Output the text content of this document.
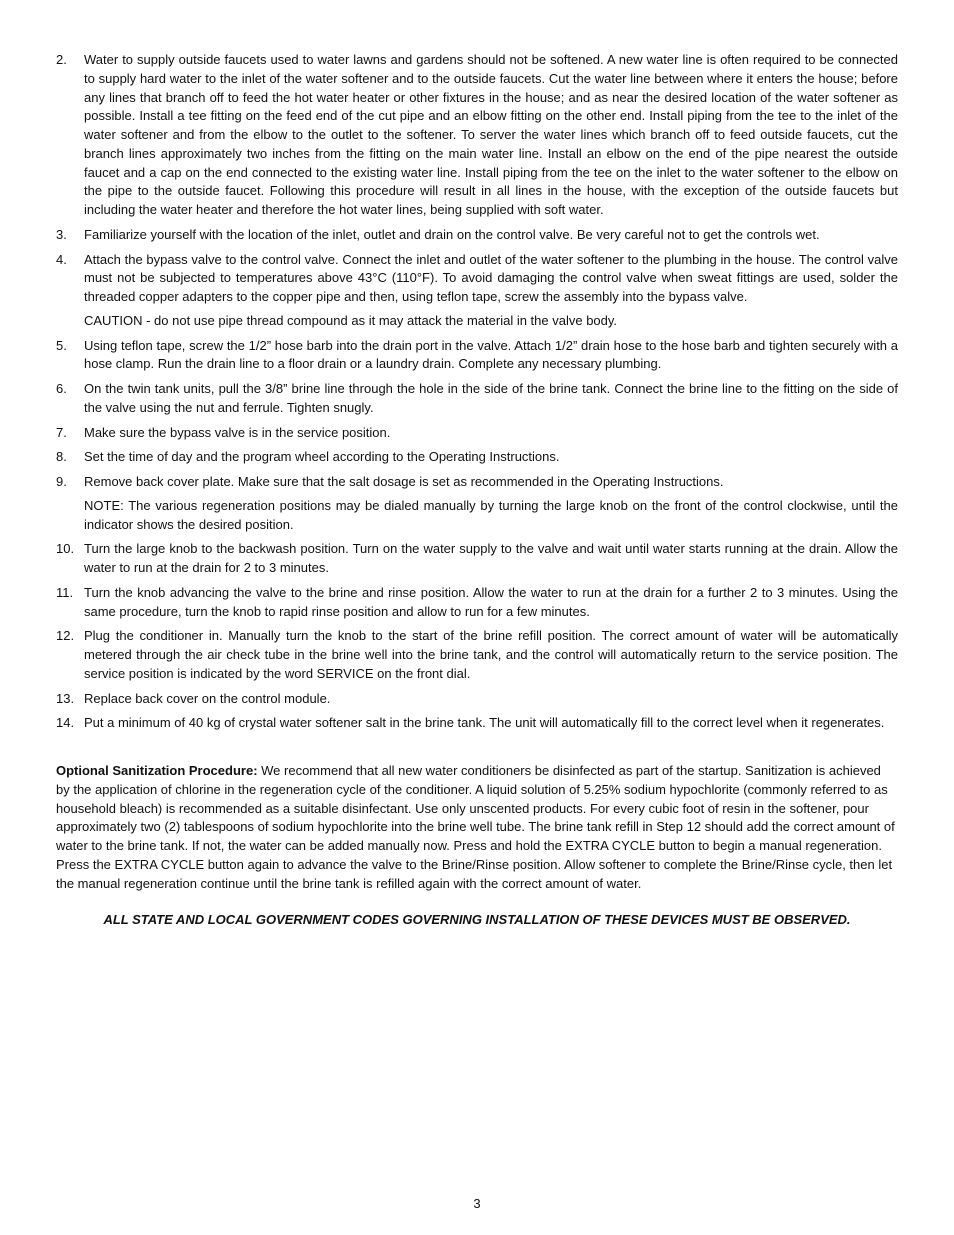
2. Water to supply outside faucets used to water lawns and gardens should not be softened. A new water line is often required to be connected to supply hard water to the inlet of the water softener and to the outside faucets. Cut the water line between where it enters the house; before any lines that branch off to feed the hot water heater or other fixtures in the house; and as near the desired location of the water softener as possible. Install a tee fitting on the feed end of the cut pipe and an elbow fitting on the other end. Install piping from the tee to the inlet of the water softener and from the elbow to the outlet to the softener. To server the water lines which branch off to feed outside faucets, cut the branch lines approximately two inches from the fitting on the main water line. Install an elbow on the end of the pipe nearest the outside faucet and a cap on the end connected to the existing water line. Install piping from the tee on the inlet to the water softener to the elbow on the pipe to the outside faucet. Following this procedure will result in all lines in the house, with the exception of the outside faucets but including the water heater and therefore the hot water lines, being supplied with soft water.

3. Familiarize yourself with the location of the inlet, outlet and drain on the control valve. Be very careful not to get the controls wet.

4. Attach the bypass valve to the control valve. Connect the inlet and outlet of the water softener to the plumbing in the house. The control valve must not be subjected to temperatures above 43°C (110°F). To avoid damaging the control valve when sweat fittings are used, solder the threaded copper adapters to the copper pipe and then, using teflon tape, screw the assembly into the bypass valve.

CAUTION - do not use pipe thread compound as it may attack the material in the valve body.

5. Using teflon tape, screw the 1/2” hose barb into the drain port in the valve. Attach 1/2” drain hose to the hose barb and tighten securely with a hose clamp. Run the drain line to a floor drain or a laundry drain. Complete any necessary plumbing.

6. On the twin tank units, pull the 3/8” brine line through the hole in the side of the brine tank. Connect the brine line to the fitting on the side of the valve using the nut and ferrule. Tighten snugly.

7. Make sure the bypass valve is in the service position.

8. Set the time of day and the program wheel according to the Operating Instructions.

9. Remove back cover plate. Make sure that the salt dosage is set as recommended in the Operating Instructions.

NOTE: The various regeneration positions may be dialed manually by turning the large knob on the front of the control clockwise, until the indicator shows the desired position.

10. Turn the large knob to the backwash position. Turn on the water supply to the valve and wait until water starts running at the drain. Allow the water to run at the drain for 2 to 3 minutes.

11. Turn the knob advancing the valve to the brine and rinse position. Allow the water to run at the drain for a further 2 to 3 minutes. Using the same procedure, turn the knob to rapid rinse position and allow to run for a few minutes.

12. Plug the conditioner in. Manually turn the knob to the start of the brine refill position. The correct amount of water will be automatically metered through the air check tube in the brine well into the brine tank, and the control will automatically return to the service position. The service position is indicated by the word SERVICE on the front dial.

13. Replace back cover on the control module.

14. Put a minimum of 40 kg of crystal water softener salt in the brine tank. The unit will automatically fill to the correct level when it regenerates.

Optional Sanitization Procedure: We recommend that all new water conditioners be disinfected as part of the startup. Sanitization is achieved by the application of chlorine in the regeneration cycle of the conditioner. A liquid solution of 5.25% sodium hypochlorite (commonly referred to as household bleach) is recommended as a suitable disinfectant. Use only unscented products. For every cubic foot of resin in the softener, pour approximately two (2) tablespoons of sodium hypochlorite into the brine well tube. The brine tank refill in Step 12 should add the correct amount of water to the brine tank. If not, the water can be added manually now. Press and hold the EXTRA CYCLE button to begin a manual regeneration. Press the EXTRA CYCLE button again to advance the valve to the Brine/Rinse position. Allow softener to complete the Brine/Rinse cycle, then let the manual regeneration continue until the brine tank is refilled again with the correct amount of water.

ALL STATE AND LOCAL GOVERNMENT CODES GOVERNING INSTALLATION OF THESE DEVICES MUST BE OBSERVED.

3
